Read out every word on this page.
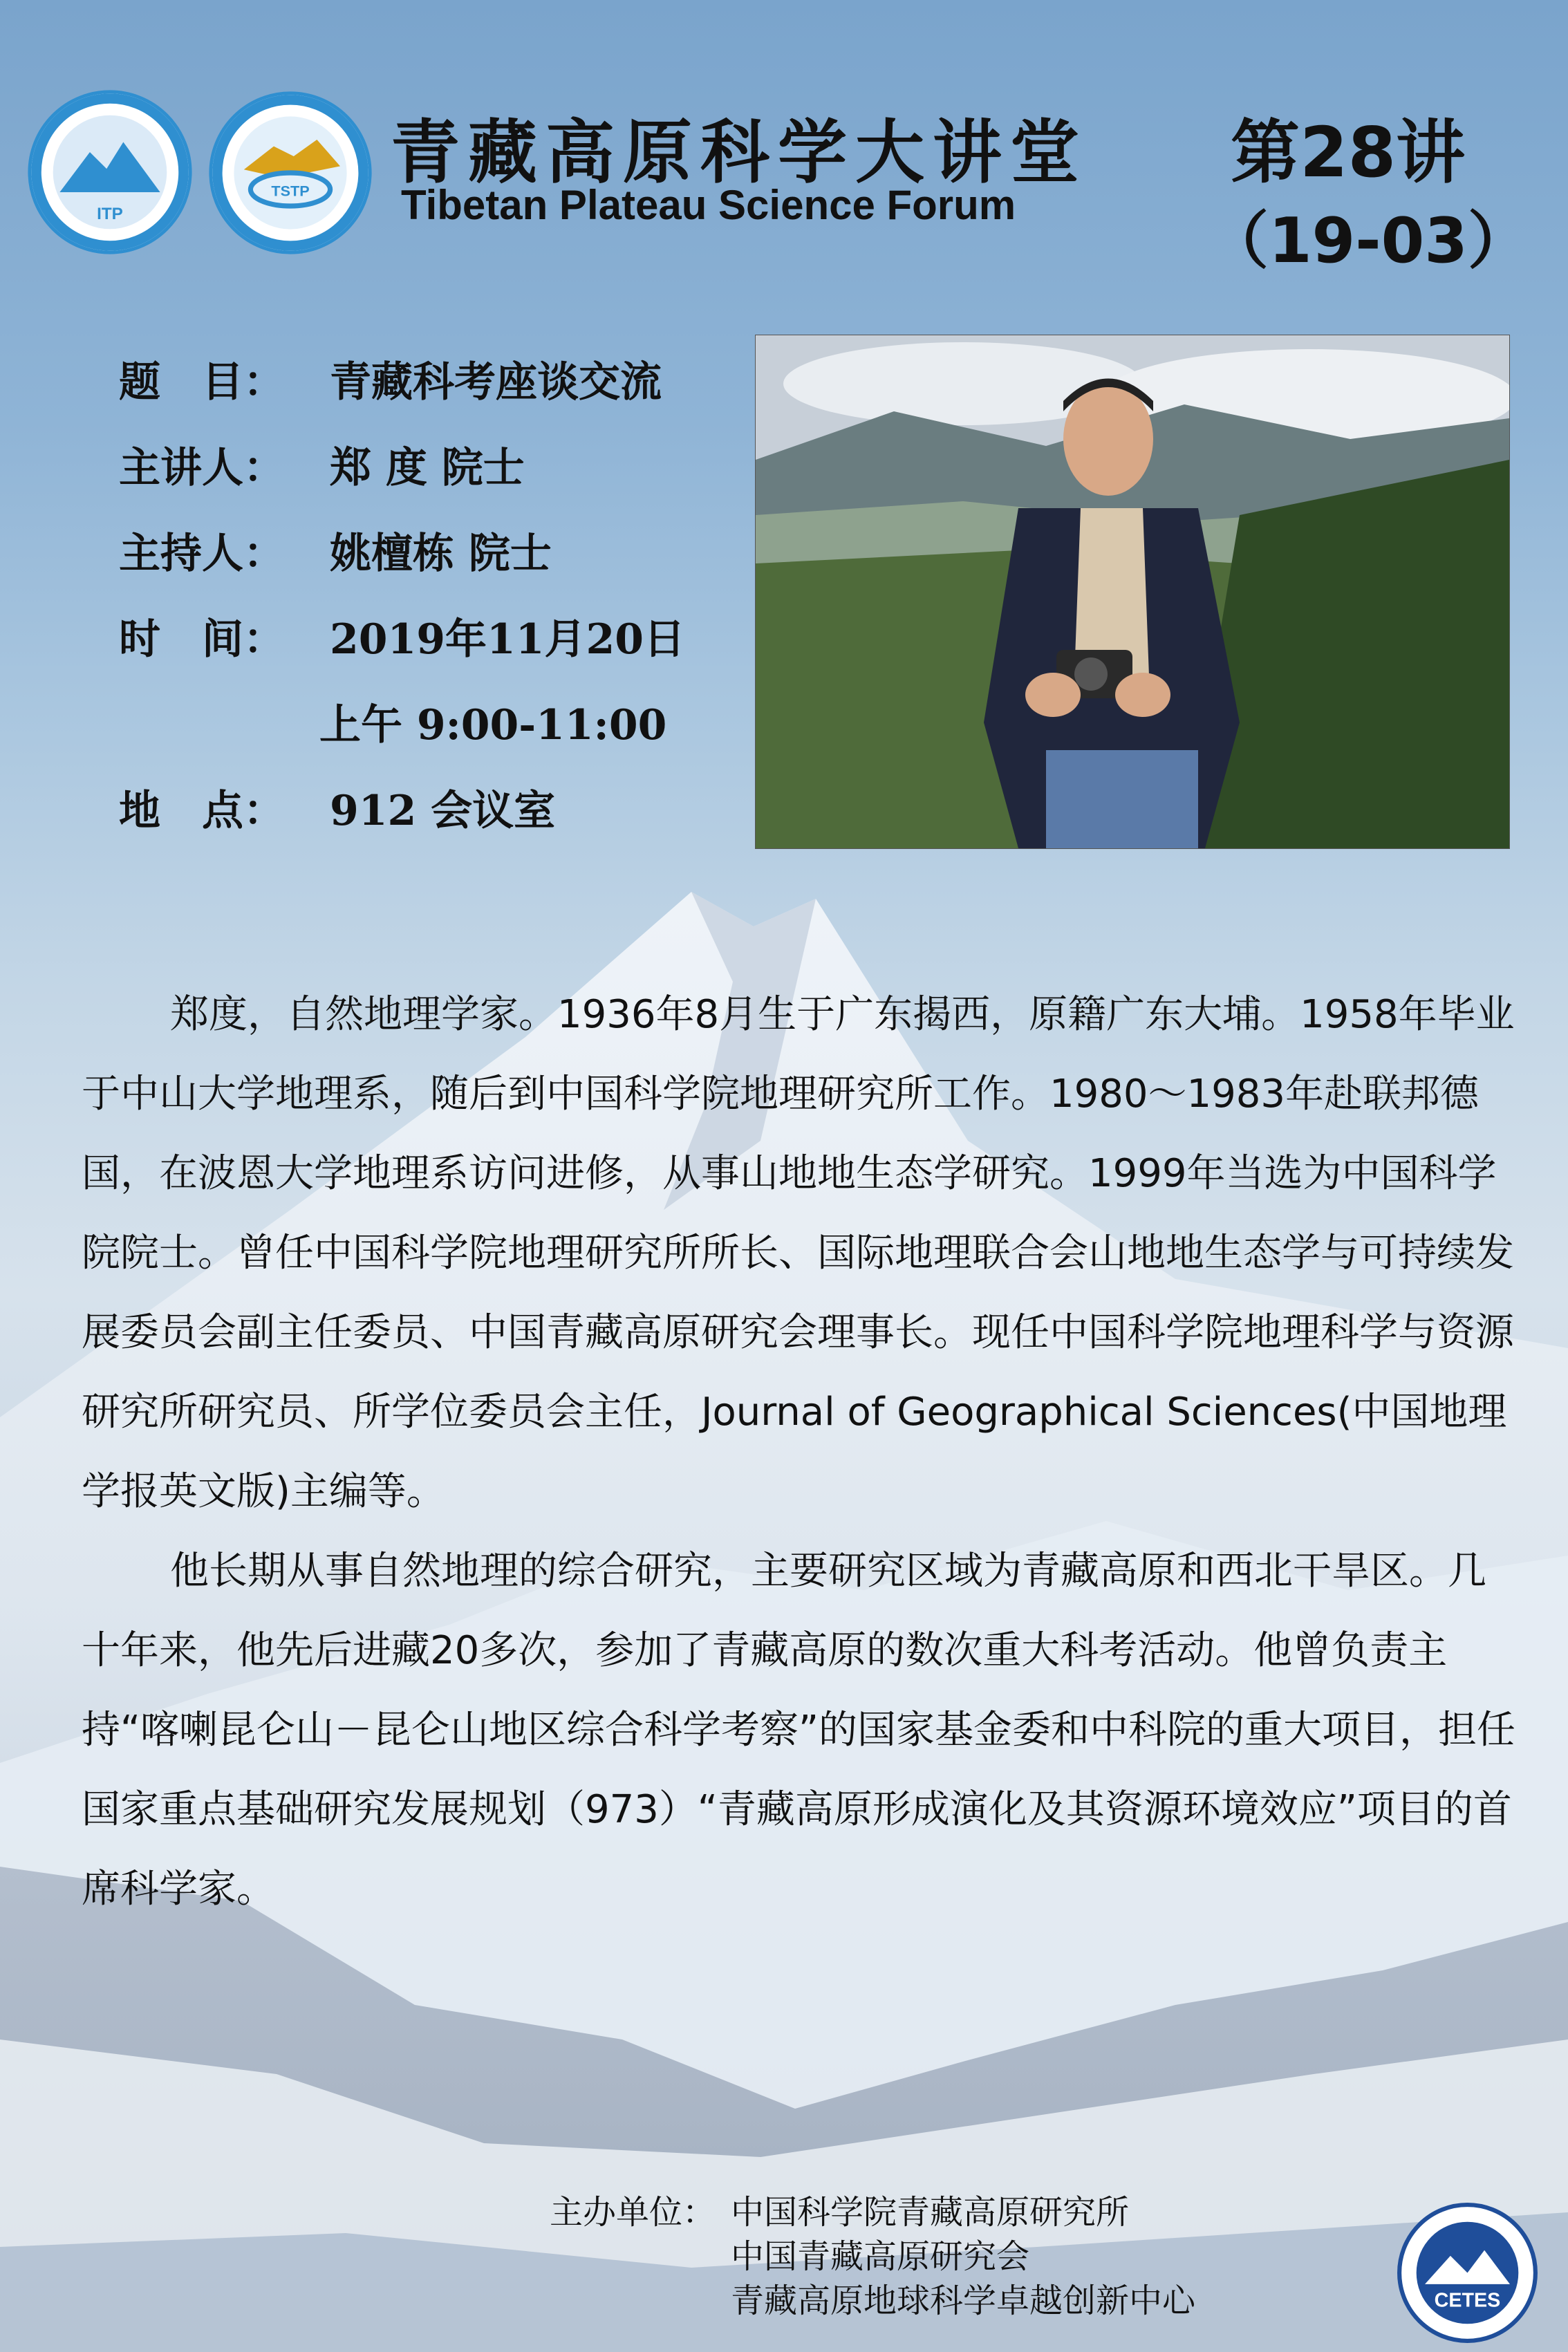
ITP
TSTP 青藏高原科学大讲堂
Tibetan Plateau Science Forum
第28讲
（19-03）
题　目： 青藏科考座谈交流
主讲人： 郑 度 院士
主持人： 姚檀栋 院士
时　间： 2019年11月20日
上午 9:00-11:00
地　点： 912 会议室

郑度，自然地理学家。1936年8月生于广东揭西，原籍广东大埔。1958年毕业于中山大学地理系，随后到中国科学院地理研究所工作。1980～1983年赴联邦德国，在波恩大学地理系访问进修，从事山地地生态学研究。1999年当选为中国科学院院士。曾任中国科学院地理研究所所长、国际地理联合会山地地生态学与可持续发展委员会副主任委员、中国青藏高原研究会理事长。现任中国科学院地理科学与资源研究所研究员、所学位委员会主任，Journal of Geographical Sciences(中国地理学报英文版)主编等。

他长期从事自然地理的综合研究，主要研究区域为青藏高原和西北干旱区。几十年来，他先后进藏20多次，参加了青藏高原的数次重大科考活动。他曾负责主持“喀喇昆仑山－昆仑山地区综合科学考察”的国家基金委和中科院的重大项目，担任国家重点基础研究发展规划（973）“青藏高原形成演化及其资源环境效应”项目的首席科学家。

主办单位： 中国科学院青藏高原研究所
中国青藏高原研究会
青藏高原地球科学卓越创新中心	CETES
